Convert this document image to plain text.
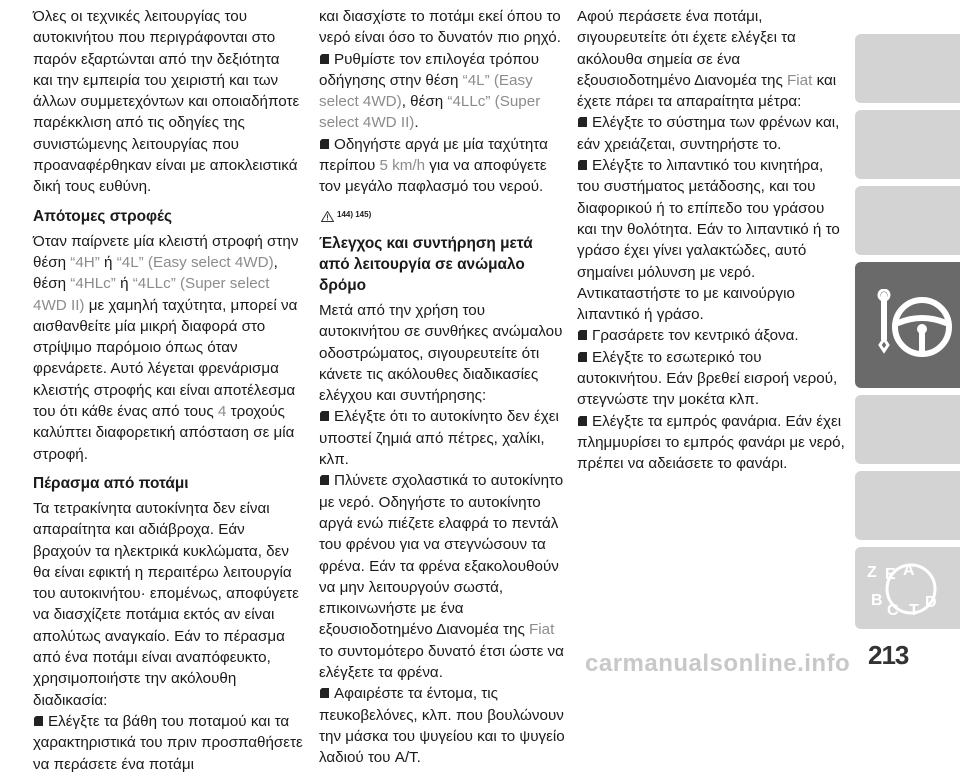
Όλες οι τεχνικές λειτουργίας του αυτοκινήτου που περιγράφονται στο παρόν εξαρτώνται από την δεξιότητα και την εμπειρία του χειριστή και των άλλων συμμετεχόντων και οποιαδήποτε παρέκκλιση από τις οδηγίες της συνιστώμενης λειτουργίας που προαναφέρθηκαν είναι με αποκλειστικά δική τους ευθύνη.

Απότομες στροφές

Όταν παίρνετε μία κλειστή στροφή στην θέση “4H” ή “4L” (Easy select 4WD), θέση “4HLc” ή “4LLc” (Super select 4WD II) με χαμηλή ταχύτητα, μπορεί να αισθανθείτε μία μικρή διαφορά στο στρίψιμο παρόμοιο όπως όταν φρενάρετε. Αυτό λέγεται φρενάρισμα κλειστής στροφής και είναι αποτέλεσμα του ότι κάθε ένας από τους 4 τροχούς καλύπτει διαφορετική απόσταση σε μία στροφή.

Πέρασμα από ποτάμι

Τα τετρακίνητα αυτοκίνητα δεν είναι απαραίτητα και αδιάβροχα. Εάν βραχούν τα ηλεκτρικά κυκλώματα, δεν θα είναι εφικτή η περαιτέρω λειτουργία του αυτοκινήτου· επομένως, αποφύγετε να διασχίζετε ποτάμια εκτός αν είναι απολύτως αναγκαίο. Εάν το πέρασμα από ένα ποτάμι είναι αναπόφευκτο, χρησιμοποιήστε την ακόλουθη διαδικασία:

Ελέγξτε τα βάθη του ποταμού και τα χαρακτηριστικά του πριν προσπαθήσετε να περάσετε ένα ποτάμι

και διασχίστε το ποτάμι εκεί όπου το νερό είναι όσο το δυνατόν πιο ρηχό.

Ρυθμίστε τον επιλογέα τρόπου οδήγησης στην θέση “4L” (Easy select 4WD), θέση “4LLc” (Super select 4WD II).

Οδηγήστε αργά με μία ταχύτητα περίπου 5 km/h για να αποφύγετε τον μεγάλο παφλασμό του νερού.

144) 145)
Έλεγχος και συντήρηση μετά από λειτουργία σε ανώμαλο δρόμο

Μετά από την χρήση του αυτοκινήτου σε συνθήκες ανώμαλου οδοστρώματος, σιγουρευτείτε ότι κάνετε τις ακόλουθες διαδικασίες ελέγχου και συντήρησης:

Ελέγξτε ότι το αυτοκίνητο δεν έχει υποστεί ζημιά από πέτρες, χαλίκι, κλπ.

Πλύνετε σχολαστικά το αυτοκίνητο με νερό. Οδηγήστε το αυτοκίνητο αργά ενώ πιέζετε ελαφρά το πεντάλ του φρένου για να στεγνώσουν τα φρένα. Εάν τα φρένα εξακολουθούν να μην λειτουργούν σωστά, επικοινωνήστε με ένα εξουσιοδοτημένο Διανομέα της Fiat το συντομότερο δυνατό έτσι ώστε να ελέγξετε τα φρένα.

Αφαιρέστε τα έντομα, τις πευκοβελόνες, κλπ. που βουλώνουν την μάσκα του ψυγείου και το ψυγείο λαδιού του A/T.

Αφού περάσετε ένα ποτάμι, σιγουρευτείτε ότι έχετε ελέγξει τα ακόλουθα σημεία σε ένα εξουσιοδοτημένο Διανομέα της Fiat και έχετε πάρει τα απαραίτητα μέτρα:

Ελέγξτε το σύστημα των φρένων και, εάν χρειάζεται, συντηρήστε το.

Ελέγξτε το λιπαντικό του κινητήρα, του συστήματος μετάδοσης, και του διαφορικού ή το επίπεδο του γράσου και την θολότητα. Εάν το λιπαντικό ή το γράσο έχει γίνει γαλακτώδες, αυτό σημαίνει μόλυνση με νερό. Αντικαταστήστε το με καινούργιο λιπαντικό ή γράσο.

Γρασάρετε τον κεντρικό άξονα.

Ελέγξτε το εσωτερικό του αυτοκινήτου. Εάν βρεθεί εισροή νερού, στεγνώστε την μοκέτα κλπ.

Ελέγξτε τα εμπρός φανάρια. Εάν έχει πλημμυρίσει το εμπρός φανάρι με νερό, πρέπει να αδειάσετε το φανάρι.

Z E
B
A
C T D
213
carmanualsonline.info
